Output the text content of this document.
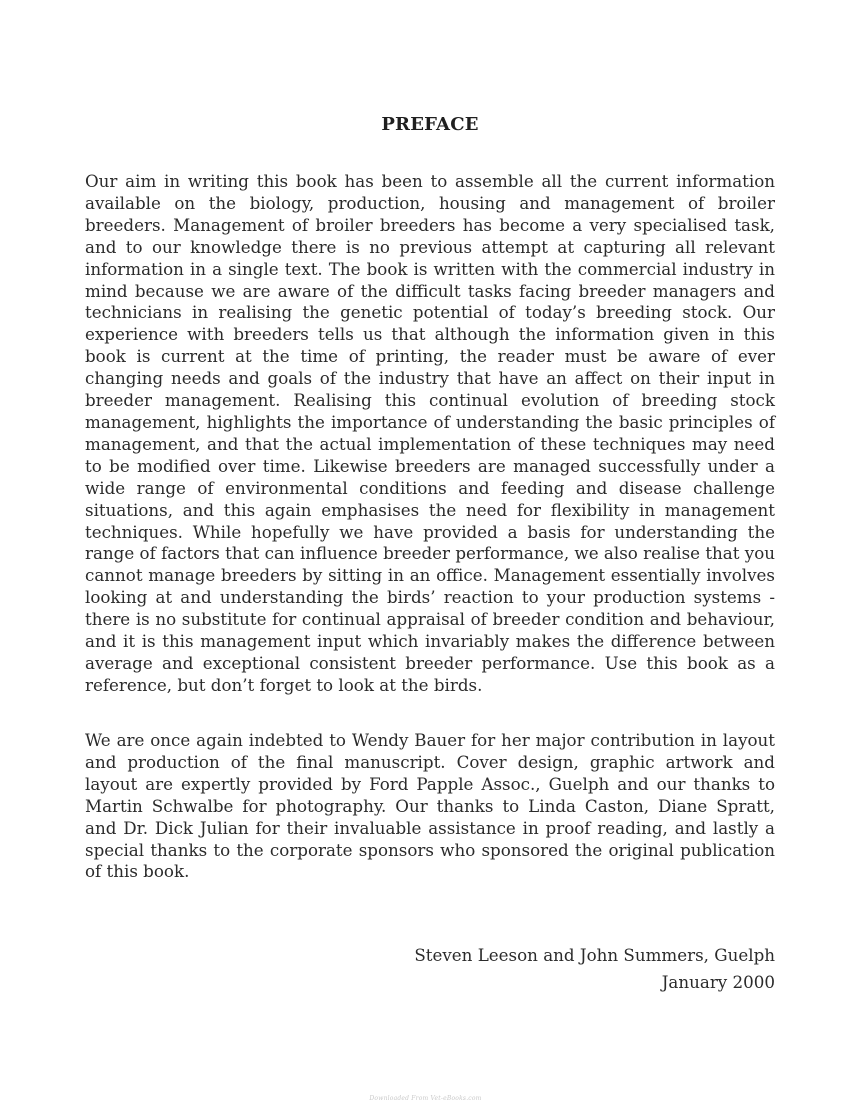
PREFACE

Our aim in writing this book has been to assemble all the current information available on the biology, production, housing and management of broiler breeders. Management of broiler breeders has become a very specialised task, and to our knowledge there is no previous attempt at capturing all relevant information in a single text. The book is written with the commercial industry in mind because we are aware of the difficult tasks facing breeder managers and technicians in realising the genetic potential of today’s breeding stock. Our experience with breeders tells us that although the information given in this book is current at the time of printing, the reader must be aware of ever changing needs and goals of the industry that have an affect on their input in breeder management. Realising this continual evolution of breeding stock management, highlights the importance of understanding the basic principles of management, and that the actual implementation of these techniques may need to be modified over time. Likewise breeders are managed successfully under a wide range of environmental conditions and feeding and disease challenge situations, and this again emphasises the need for flexibility in management techniques. While hopefully we have provided a basis for understanding the range of factors that can influence breeder performance, we also realise that you cannot manage breeders by sitting in an office. Management essentially involves looking at and understanding the birds’ reaction to your production systems - there is no substitute for continual appraisal of breeder condition and behaviour, and it is this management input which invariably makes the difference between average and exceptional consistent breeder performance. Use this book as a reference, but don’t forget to look at the birds.

We are once again indebted to Wendy Bauer for her major contribution in layout and production of the final manuscript. Cover design, graphic artwork and layout are expertly provided by Ford Papple Assoc., Guelph and our thanks to Martin Schwalbe for photography. Our thanks to Linda Caston, Diane Spratt, and Dr. Dick Julian for their invaluable assistance in proof reading, and lastly a special thanks to the corporate sponsors who sponsored the original publication of this book.

Steven Leeson and John Summers, Guelph
January 2000
Downloaded From Vet-eBooks.com
